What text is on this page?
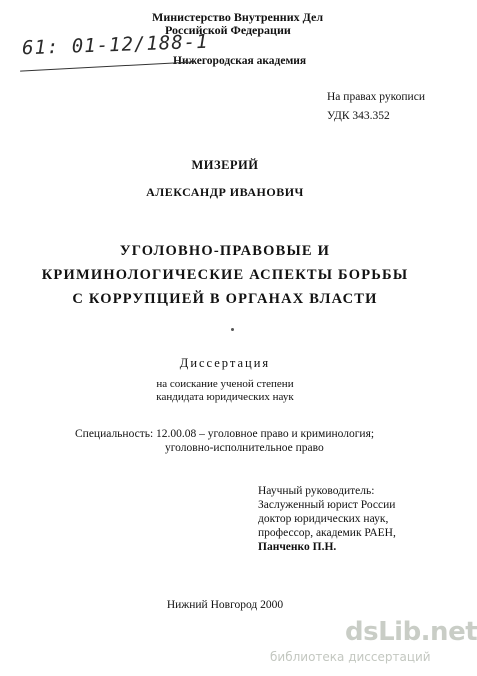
Министерство Внутренних Дел
Российской Федерации
Нижегородская академия
61: 01-12/188-1
На правах рукописи
УДК 343.352
МИЗЕРИЙ
АЛЕКСАНДР ИВАНОВИЧ
УГОЛОВНО-ПРАВОВЫЕ И
КРИМИНОЛОГИЧЕСКИЕ АСПЕКТЫ БОРЬБЫ
С КОРРУПЦИЕЙ В ОРГАНАХ ВЛАСТИ
Диссертация
на соискание ученой степени
кандидата юридических наук
Специальность: 12.00.08 – уголовное право и криминология;
уголовно-исполнительное право
Научный руководитель:
Заслуженный юрист России
доктор юридических наук,
профессор, академик РАЕН,
Панченко П.Н.
Нижний Новгород 2000
dsLib.net
библиотека диссертаций
